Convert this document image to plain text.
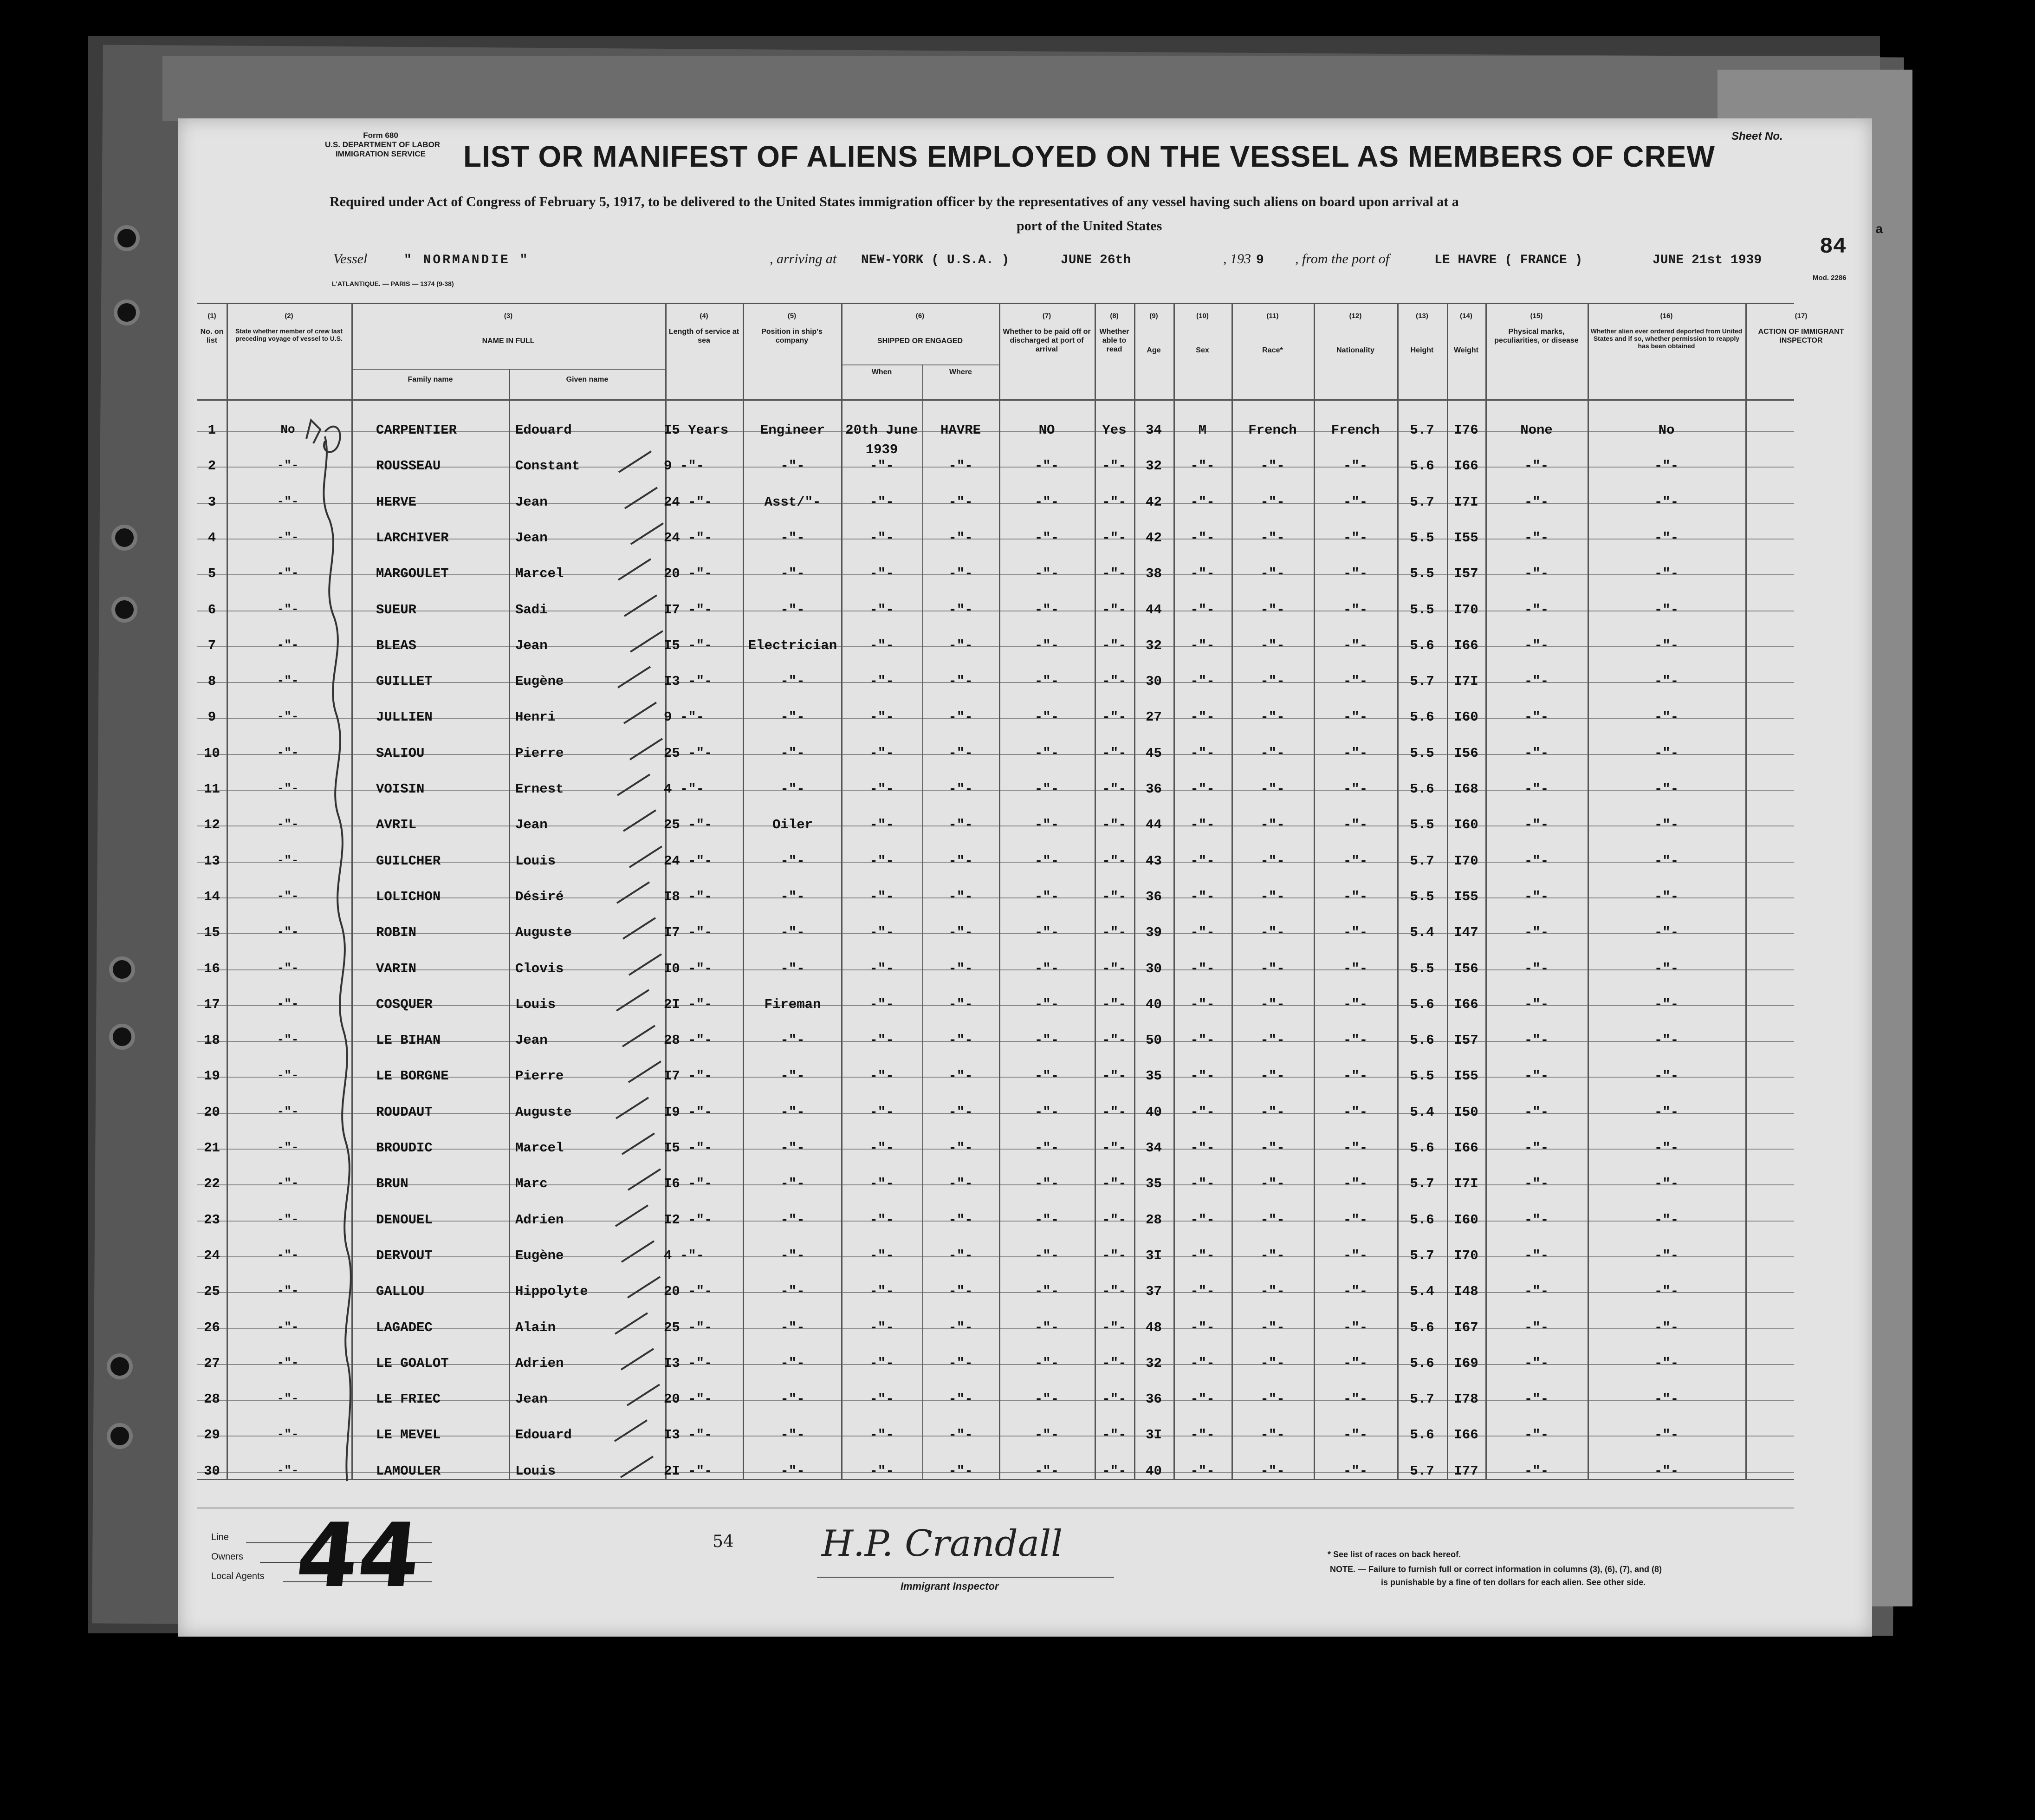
Form 680
U.S. DEPARTMENT OF LABOR
IMMIGRATION SERVICE
Sheet No.
LIST OR MANIFEST OF ALIENS EMPLOYED ON THE VESSEL AS MEMBERS OF CREW
Required under Act of Congress of February 5, 1917, to be delivered to the United States immigration officer by the representatives of any vessel having such aliens on board upon arrival at a
port of the United States	a
Vessel	" NORMANDIE "	, arriving at NEW-YORK ( U.S.A. )	JUNE 26th	, 193 9 , from the port of	LE HAVRE ( FRANCE )	JUNE 21st 1939
84
Mod. 2286
L'ATLANTIQUE. — PARIS — 1374 (9-38)
(1)
No. on list
(2)
State whether member of crew last preceding voyage of vessel to U.S.
(3)
NAME IN FULL
Family name	Given name
(4)
Length of service at sea
(5)
Position in ship's company
(6)
SHIPPED OR ENGAGED
When	Where
(7)
Whether to be paid off or discharged at port of arrival
(8)
Whether able to read
(9)
Age
(10)
Sex
(11)
Race*
(12)
Nationality
(13)
Height
(14)
Weight
(15)
Physical marks, peculiarities, or disease
(16)
Whether alien ever ordered deported from United States and if so, whether permission to reapply has been obtained
(17)
ACTION OF IMMIGRANT INSPECTOR
1	No	CARPENTIER	Edouard	I5 Years	Engineer	20th June	HAVRE	NO	Yes	34	M	French	French	5.7	I76	None	No
1939
2	-"-	ROUSSEAU	Constant	9 -"-	-"-	-"-	-"-	-"-	-"-	32	-"-	-"-	-"-	5.6	I66	-"-	-"-
3	-"-	HERVE	Jean	24 -"-	Asst/"-	-"-	-"-	-"-	-"-	42	-"-	-"-	-"-	5.7	I7I	-"-	-"-
4	-"-	LARCHIVER	Jean	24 -"-	-"-	-"-	-"-	-"-	-"-	42	-"-	-"-	-"-	5.5	I55	-"-	-"-
5	-"-	MARGOULET	Marcel	20 -"-	-"-	-"-	-"-	-"-	-"-	38	-"-	-"-	-"-	5.5	I57	-"-	-"-
6	-"-	SUEUR	Sadi	I7 -"-	-"-	-"-	-"-	-"-	-"-	44	-"-	-"-	-"-	5.5	I70	-"-	-"-
7	-"-	BLEAS	Jean	I5 -"-	Electrician	-"-	-"-	-"-	-"-	32	-"-	-"-	-"-	5.6	I66	-"-	-"-
8	-"-	GUILLET	Eugène	I3 -"-	-"-	-"-	-"-	-"-	-"-	30	-"-	-"-	-"-	5.7	I7I	-"-	-"-
9	-"-	JULLIEN	Henri	9 -"-	-"-	-"-	-"-	-"-	-"-	27	-"-	-"-	-"-	5.6	I60	-"-	-"-
10	-"-	SALIOU	Pierre	25 -"-	-"-	-"-	-"-	-"-	-"-	45	-"-	-"-	-"-	5.5	I56	-"-	-"-
11	-"-	VOISIN	Ernest	4 -"-	-"-	-"-	-"-	-"-	-"-	36	-"-	-"-	-"-	5.6	I68	-"-	-"-
12	-"-	AVRIL	Jean	25 -"-	Oiler	-"-	-"-	-"-	-"-	44	-"-	-"-	-"-	5.5	I60	-"-	-"-
13	-"-	GUILCHER	Louis	24 -"-	-"-	-"-	-"-	-"-	-"-	43	-"-	-"-	-"-	5.7	I70	-"-	-"-
14	-"-	LOLICHON	Désiré	I8 -"-	-"-	-"-	-"-	-"-	-"-	36	-"-	-"-	-"-	5.5	I55	-"-	-"-
15	-"-	ROBIN	Auguste	I7 -"-	-"-	-"-	-"-	-"-	-"-	39	-"-	-"-	-"-	5.4	I47	-"-	-"-
16	-"-	VARIN	Clovis	I0 -"-	-"-	-"-	-"-	-"-	-"-	30	-"-	-"-	-"-	5.5	I56	-"-	-"-
17	-"-	COSQUER	Louis	2I -"-	Fireman	-"-	-"-	-"-	-"-	40	-"-	-"-	-"-	5.6	I66	-"-	-"-
18	-"-	LE BIHAN	Jean	28 -"-	-"-	-"-	-"-	-"-	-"-	50	-"-	-"-	-"-	5.6	I57	-"-	-"-
19	-"-	LE BORGNE	Pierre	I7 -"-	-"-	-"-	-"-	-"-	-"-	35	-"-	-"-	-"-	5.5	I55	-"-	-"-
20	-"-	ROUDAUT	Auguste	I9 -"-	-"-	-"-	-"-	-"-	-"-	40	-"-	-"-	-"-	5.4	I50	-"-	-"-
21	-"-	BROUDIC	Marcel	I5 -"-	-"-	-"-	-"-	-"-	-"-	34	-"-	-"-	-"-	5.6	I66	-"-	-"-
22	-"-	BRUN	Marc	I6 -"-	-"-	-"-	-"-	-"-	-"-	35	-"-	-"-	-"-	5.7	I7I	-"-	-"-
23	-"-	DENOUEL	Adrien	I2 -"-	-"-	-"-	-"-	-"-	-"-	28	-"-	-"-	-"-	5.6	I60	-"-	-"-
24	-"-	DERVOUT	Eugène	4 -"-	-"-	-"-	-"-	-"-	-"-	3I	-"-	-"-	-"-	5.7	I70	-"-	-"-
25	-"-	GALLOU	Hippolyte	20 -"-	-"-	-"-	-"-	-"-	-"-	37	-"-	-"-	-"-	5.4	I48	-"-	-"-
26	-"-	LAGADEC	Alain	25 -"-	-"-	-"-	-"-	-"-	-"-	48	-"-	-"-	-"-	5.6	I67	-"-	-"-
27	-"-	LE GOALOT	Adrien	I3 -"-	-"-	-"-	-"-	-"-	-"-	32	-"-	-"-	-"-	5.6	I69	-"-	-"-
28	-"-	LE FRIEC	Jean	20 -"-	-"-	-"-	-"-	-"-	-"-	36	-"-	-"-	-"-	5.7	I78	-"-	-"-
29	-"-	LE MEVEL	Edouard	I3 -"-	-"-	-"-	-"-	-"-	-"-	3I	-"-	-"-	-"-	5.6	I66	-"-	-"-
30	-"-	LAMOULER	Louis	2I -"-	-"-	-"-	-"-	-"-	-"-	40	-"-	-"-	-"-	5.7	I77	-"-	-"-
Line
Owners
Local Agents 44	54 H.P. Crandall
Immigrant Inspector
* See list of races on back hereof.
NOTE. — Failure to furnish full or correct information in columns (3), (6), (7), and (8)
is punishable by a fine of ten dollars for each alien. See other side.
